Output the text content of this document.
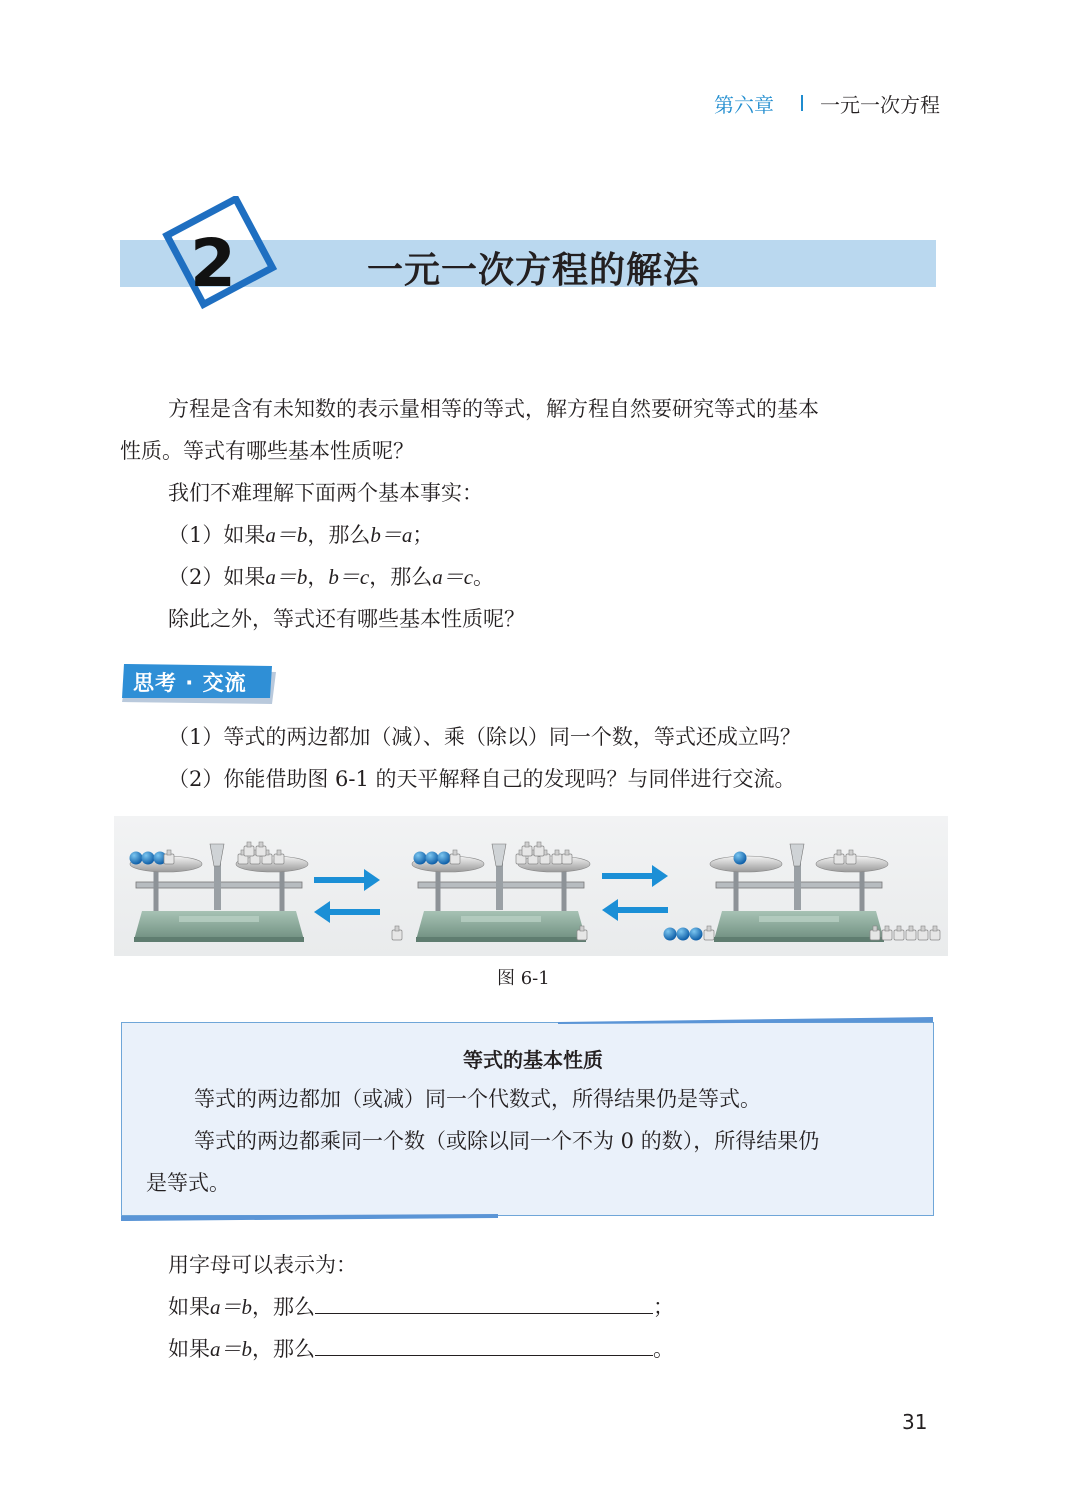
第六章 一元一次方程
2	一元一次方程的解法
方程是含有未知数的表示量相等的等式，解方程自然要研究等式的基本
性质。等式有哪些基本性质呢？
我们不难理解下面两个基本事实：
（1）如果a＝b，那么b＝a；
（2）如果a＝b，b＝c，那么a＝c。
除此之外，等式还有哪些基本性质呢？
思考 · 交流
（1）等式的两边都加（减）、乘（除以）同一个数，等式还成立吗？
（2）你能借助图 6-1 的天平解释自己的发现吗？与同伴进行交流。
图 6-1
等式的基本性质
等式的两边都加（或减）同一个代数式，所得结果仍是等式。
等式的两边都乘同一个数（或除以同一个不为 0 的数），所得结果仍
是等式。
用字母可以表示为：
如果a＝b，那么	；
如果a＝b，那么	。
31
